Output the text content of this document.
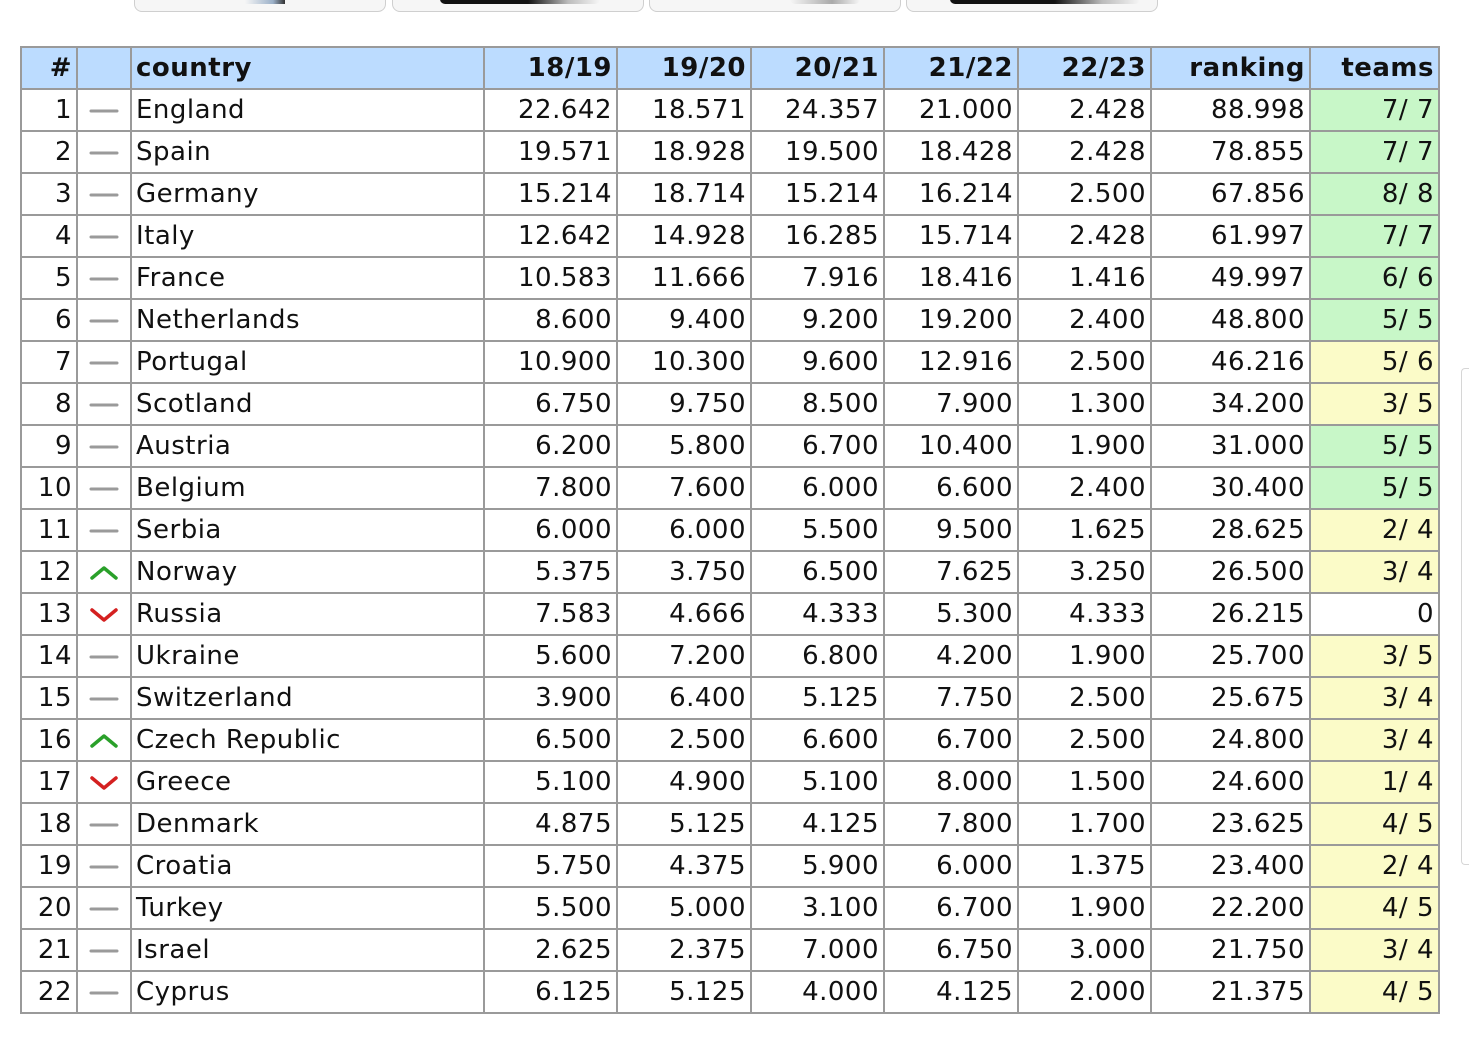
#		country	18/19	19/20	20/21	21/22	22/23	ranking	teams
1		England	22.642	18.571	24.357	21.000	2.428	88.998	7/ 7
2		Spain	19.571	18.928	19.500	18.428	2.428	78.855	7/ 7
3		Germany	15.214	18.714	15.214	16.214	2.500	67.856	8/ 8
4		Italy	12.642	14.928	16.285	15.714	2.428	61.997	7/ 7
5		France	10.583	11.666	7.916	18.416	1.416	49.997	6/ 6
6		Netherlands	8.600	9.400	9.200	19.200	2.400	48.800	5/ 5
7		Portugal	10.900	10.300	9.600	12.916	2.500	46.216	5/ 6
8		Scotland	6.750	9.750	8.500	7.900	1.300	34.200	3/ 5
9		Austria	6.200	5.800	6.700	10.400	1.900	31.000	5/ 5
10		Belgium	7.800	7.600	6.000	6.600	2.400	30.400	5/ 5
11		Serbia	6.000	6.000	5.500	9.500	1.625	28.625	2/ 4
12		Norway	5.375	3.750	6.500	7.625	3.250	26.500	3/ 4
13		Russia	7.583	4.666	4.333	5.300	4.333	26.215	0
14		Ukraine	5.600	7.200	6.800	4.200	1.900	25.700	3/ 5
15		Switzerland	3.900	6.400	5.125	7.750	2.500	25.675	3/ 4
16		Czech Republic	6.500	2.500	6.600	6.700	2.500	24.800	3/ 4
17		Greece	5.100	4.900	5.100	8.000	1.500	24.600	1/ 4
18		Denmark	4.875	5.125	4.125	7.800	1.700	23.625	4/ 5
19		Croatia	5.750	4.375	5.900	6.000	1.375	23.400	2/ 4
20		Turkey	5.500	5.000	3.100	6.700	1.900	22.200	4/ 5
21		Israel	2.625	2.375	7.000	6.750	3.000	21.750	3/ 4
22		Cyprus	6.125	5.125	4.000	4.125	2.000	21.375	4/ 5
